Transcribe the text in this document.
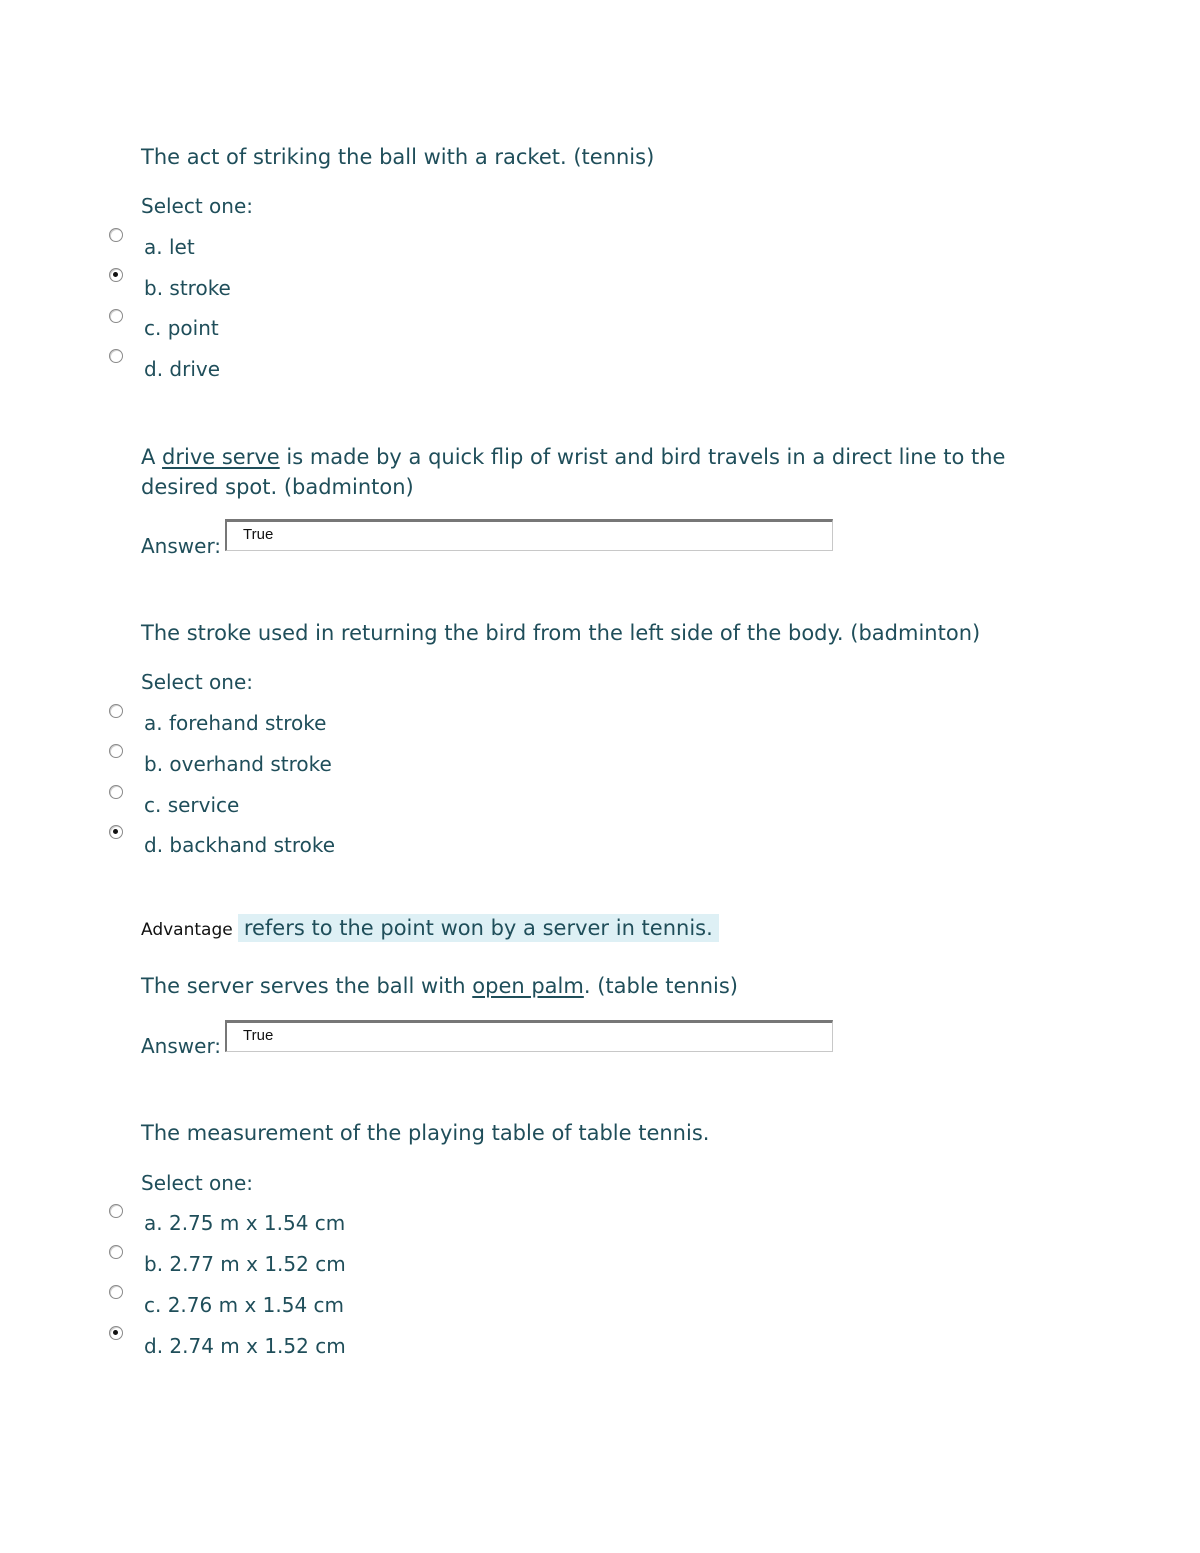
The act of striking the ball with a racket. (tennis)
Select one:
a. let
b. stroke
c. point
d. drive
A drive serve is made by a quick flip of wrist and bird travels in a direct line to the desired spot. (badminton)
Answer: True
The stroke used in returning the bird from the left side of the body. (badminton)
Select one:
a. forehand stroke
b. overhand stroke
c. service
d. backhand stroke
Advantage refers to the point won by a server in tennis.
The server serves the ball with open palm. (table tennis)
Answer: True
The measurement of the playing table of table tennis.
Select one:
a. 2.75 m x 1.54 cm
b. 2.77 m x 1.52 cm
c. 2.76 m x 1.54 cm
d. 2.74 m x 1.52 cm
